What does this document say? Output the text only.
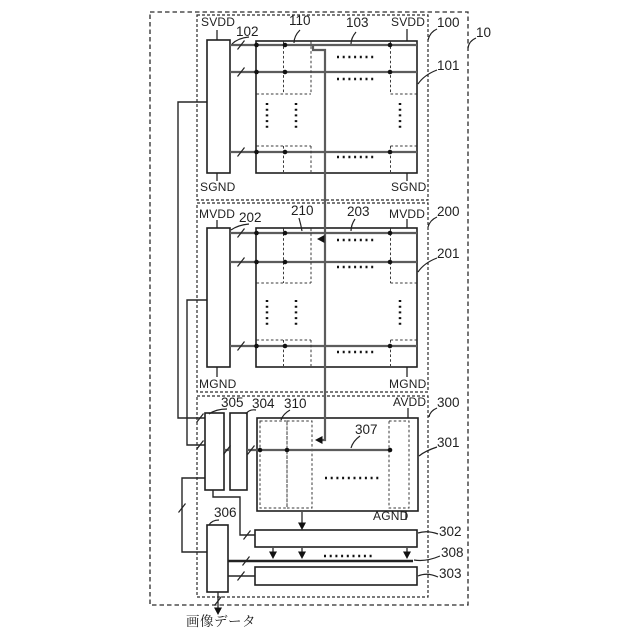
SVDD
102
110	103 SVDD 100
10
101
SGND	SGND
MVDD 202 210 203 MVDD 200
201
MGND	MGND
305 304 310	AVDD 300
307
301
AGND
306
302
308
303
画像データ
